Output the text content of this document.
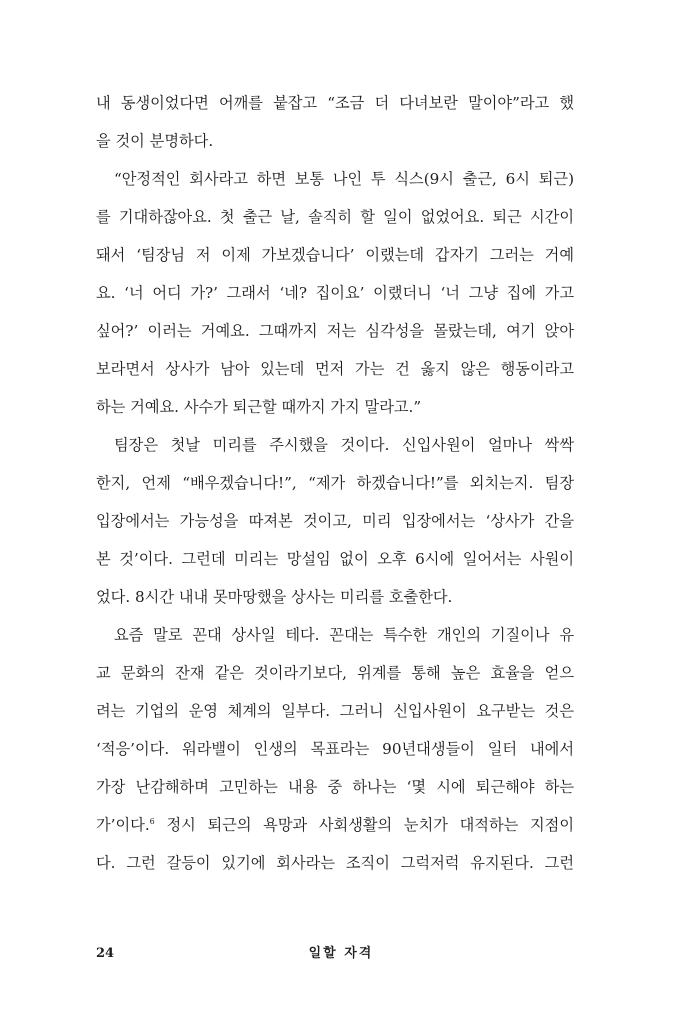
내 동생이었다면 어깨를 붙잡고 “조금 더 다녀보란 말이야”라고 했
을 것이 분명하다.
“안정적인 회사라고 하면 보통 나인 투 식스(9시 출근, 6시 퇴근)
를 기대하잖아요. 첫 출근 날, 솔직히 할 일이 없었어요. 퇴근 시간이
돼서 ‘팀장님 저 이제 가보겠습니다’ 이랬는데 갑자기 그러는 거예
요. ‘너 어디 가?’ 그래서 ‘네? 집이요’ 이랬더니 ‘너 그냥 집에 가고
싶어?’ 이러는 거예요. 그때까지 저는 심각성을 몰랐는데, 여기 앉아
보라면서 상사가 남아 있는데 먼저 가는 건 옳지 않은 행동이라고
하는 거예요. 사수가 퇴근할 때까지 가지 말라고.”
팀장은 첫날 미리를 주시했을 것이다. 신입사원이 얼마나 싹싹
한지, 언제 “배우겠습니다!”, “제가 하겠습니다!”를 외치는지. 팀장
입장에서는 가능성을 따져본 것이고, 미리 입장에서는 ‘상사가 간을
본 것’이다. 그런데 미리는 망설임 없이 오후 6시에 일어서는 사원이
었다. 8시간 내내 못마땅했을 상사는 미리를 호출한다.
요즘 말로 꼰대 상사일 테다. 꼰대는 특수한 개인의 기질이나 유
교 문화의 잔재 같은 것이라기보다, 위계를 통해 높은 효율을 얻으
려는 기업의 운영 체계의 일부다. 그러니 신입사원이 요구받는 것은
‘적응’이다. 워라밸이 인생의 목표라는 90년대생들이 일터 내에서
가장 난감해하며 고민하는 내용 중 하나는 ‘몇 시에 퇴근해야 하는
가’이다.$^6$ 정시 퇴근의 욕망과 사회생활의 눈치가 대적하는 지점이
다. 그런 갈등이 있기에 회사라는 조직이 그럭저럭 유지된다. 그런
24	일할 자격
